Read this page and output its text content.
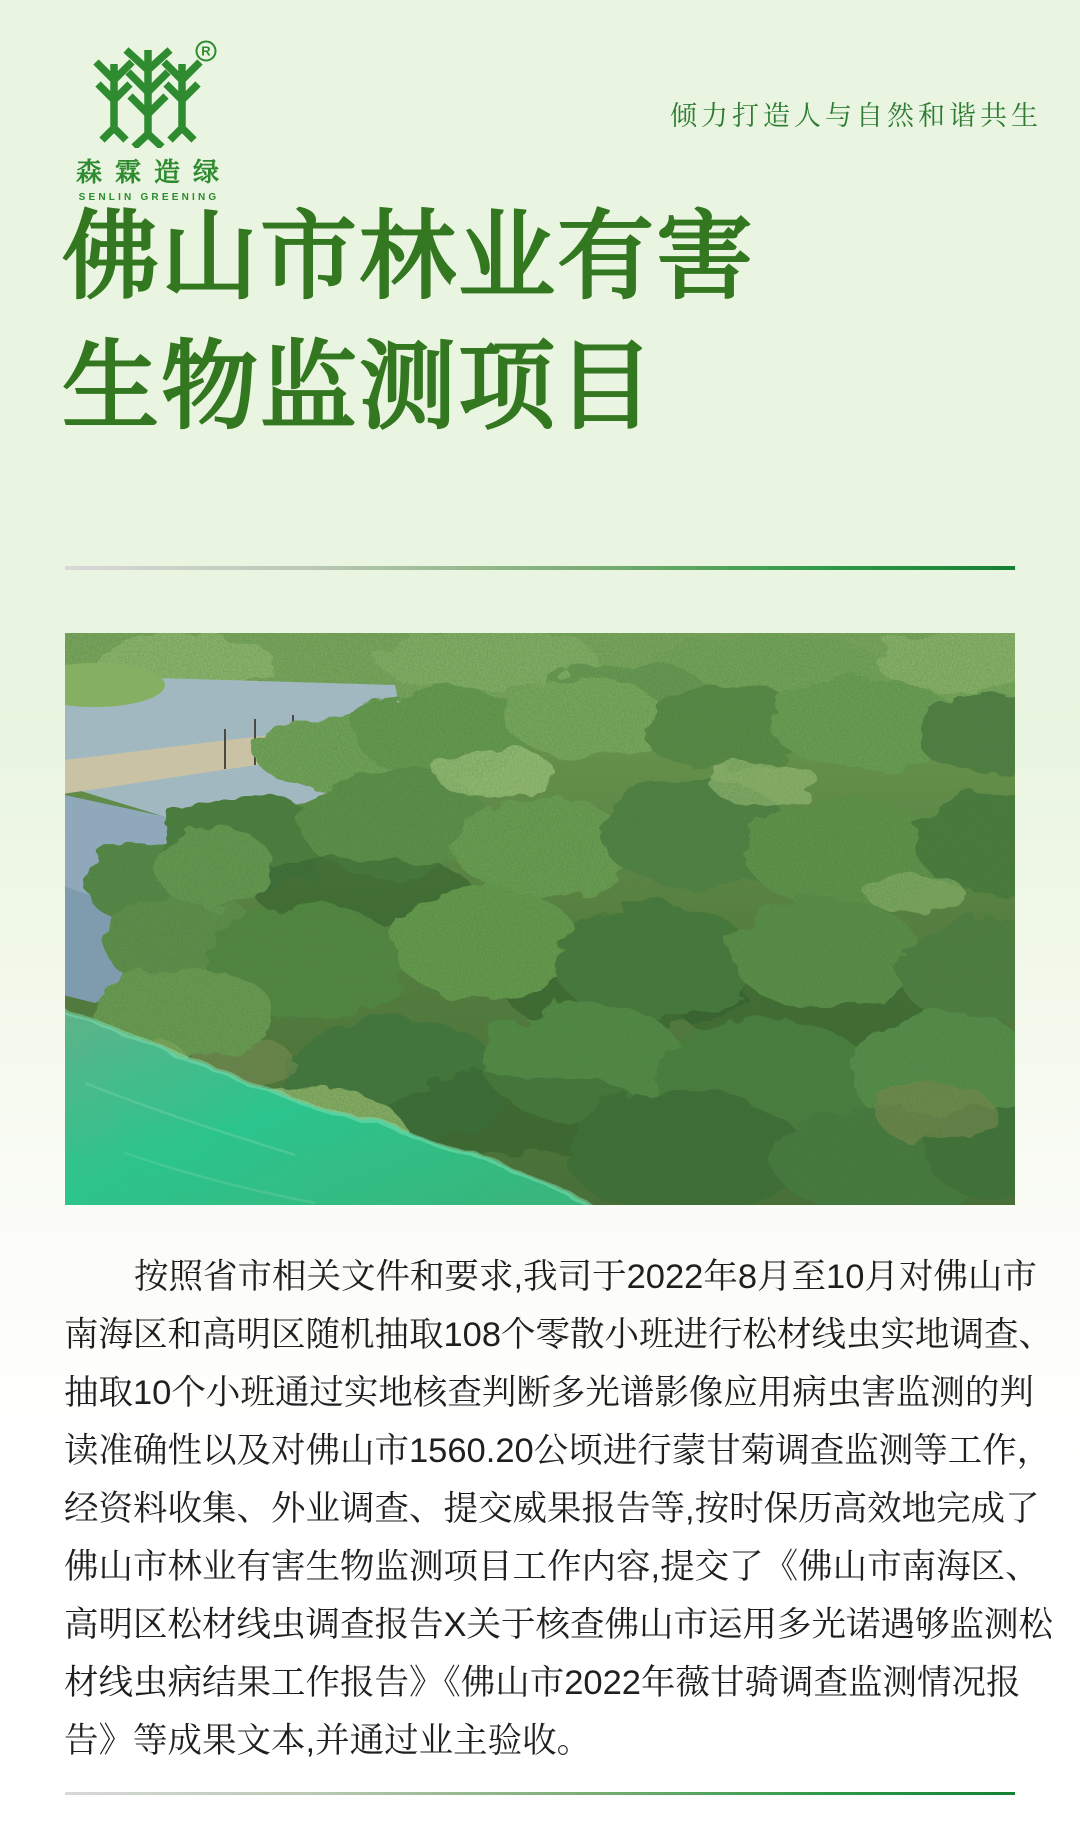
R
森霖造绿
SENLIN GREENING
倾力打造人与自然和谐共生
佛山市林业有害
生物监测项目
按照省市相关文件和要求,我司于2022年8月至10月对佛山市
南海区和高明区随机抽取108个零散小班进行松材线虫实地调查、
抽取10个小班通过实地核查判断多光谱影像应用病虫害监测的判
读准确性以及对佛山市1560.20公顷进行蒙甘菊调查监测等工作，
经资料收集、外业调查、提交威果报告等,按时保历高效地完成了
佛山市林业有害生物监测项目工作内容,提交了《佛山市南海区、
高明区松材线虫调查报告X关于核查佛山市运用多光诺遇够监测松
材线虫病结果工作报告》《佛山市2022年薇甘骑调查监测情况报
告》等成果文本,并通过业主验收。
